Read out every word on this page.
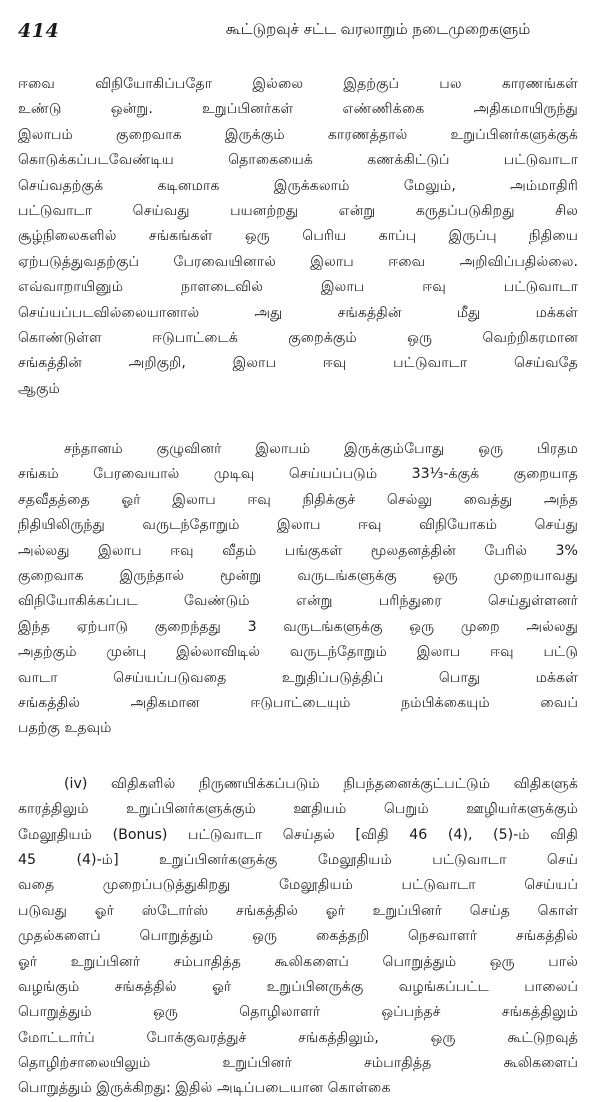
414	கூட்டுறவுச் சட்ட வரலாறும் நடைமுறைகளும்
ஈவை விநியோகிப்பதோ இல்லை இதற்குப் பல காரணங்கள்
உண்டு ஒன்று. உறுப்பினர்கள் எண்ணிக்கை அதிகமாயிருந்து
இலாபம் குறைவாக இருக்கும் காரணத்தால் உறுப்பினர்களுக்குக்
கொடுக்கப்படவேண்டிய தொகையைக் கணக்கிட்டுப் பட்டுவாடா
செய்வதற்குக் கடினமாக இருக்கலாம் மேலும், அம்மாதிரி
பட்டுவாடா செய்வது பயனற்றது என்று கருதப்படுகிறது சில
சூழ்நிலைகளில் சங்கங்கள் ஒரு பெரிய காப்பு இருப்பு நிதியை
ஏற்படுத்துவதற்குப் பேரவையினால் இலாப ஈவை அறிவிப்பதில்லை.
எவ்வாறாயினும் நாளடைவில் இலாப ஈவு பட்டுவாடா
செய்யப்படவில்லையானால் அது சங்கத்தின் மீது மக்கள்
கொண்டுள்ள ஈடுபாட்டைக் குறைக்கும் ஒரு வெற்றிகரமான
சங்கத்தின் அறிகுறி, இலாப ஈவு பட்டுவாடா செய்வதே
ஆகும்
சந்தானம் குழுவினர் இலாபம் இருக்கும்போது ஒரு பிரதம
சங்கம் பேரவையால் முடிவு செய்யப்படும் 33⅓-க்குக் குறையாத
சதவீதத்தை ஓர் இலாப ஈவு நிதிக்குச் செல்லு வைத்து அந்த
நிதியிலிருந்து வருடந்தோறும் இலாப ஈவு விநியோகம் செய்து
அல்லது இலாப ஈவு வீதம் பங்குகள் மூலதனத்தின் பேரில் 3%
குறைவாக இருந்தால் மூன்று வருடங்களுக்கு ஒரு முறையாவது
விநியோகிக்கப்பட வேண்டும் என்று பரிந்துரை செய்துள்ளனர்
இந்த ஏற்பாடு குறைந்தது 3 வருடங்களுக்கு ஒரு முறை அல்லது
அதற்கும் முன்பு இல்லாவிடில் வருடந்தோறும் இலாப ஈவு பட்டு
வாடா செய்யப்படுவதை உறுதிப்படுத்திப் பொது மக்கள்
சங்கத்தில் அதிகமான ஈடுபாட்டையும் நம்பிக்கையும் வைப்
பதற்கு உதவும்
(iv) விதிகளில் நிருணயிக்கப்படும் நிபந்தனைக்குட்பட்டும் விதிகளுக்
காரத்திலும் உறுப்பினர்களுக்கும் ஊதியம் பெறும் ஊழியர்களுக்கும்
மேலூதியம் (Bonus) பட்டுவாடா செய்தல் [விதி 46 (4), (5)-ம் விதி
45 (4)-ம்] உறுப்பினர்களுக்கு மேலூதியம் பட்டுவாடா செய்
வதை முறைப்படுத்துகிறது மேலூதியம் பட்டுவாடா செய்யப்
படுவது ஓர் ஸ்டோர்ஸ் சங்கத்தில் ஓர் உறுப்பினர் செய்த கொள்
முதல்களைப் பொறுத்தும் ஒரு கைத்தறி நெசவாளர் சங்கத்தில்
ஓர் உறுப்பினர் சம்பாதித்த கூலிகளைப் பொறுத்தும் ஒரு பால்
வழங்கும் சங்கத்தில் ஓர் உறுப்பினருக்கு வழங்கப்பட்ட பாலைப்
பொறுத்தும் ஒரு தொழிலாளர் ஒப்பந்தச் சங்கத்திலும்
மோட்டார்ப் போக்குவரத்துச் சங்கத்திலும், ஒரு கூட்டுறவுத்
தொழிற்சாலையிலும் உறுப்பினர் சம்பாதித்த கூலிகளைப்
பொறுத்தும் இருக்கிறது: இதில் அடிப்படையான கொள்கை
